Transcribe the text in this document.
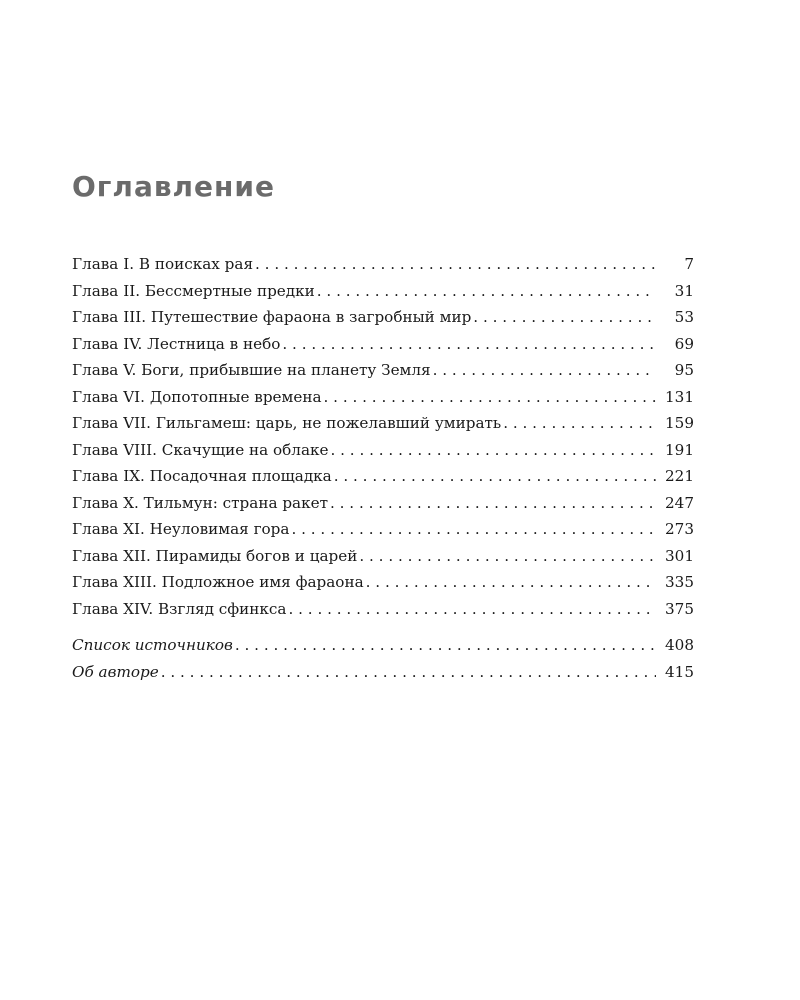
Оглавление
Глава I. В поисках рая . . .	7
Глава II. Бессмертные предки . . .	31
Глава III. Путешествие фараона в загробный мир . . .	53
Глава IV. Лестница в небо . . .	69
Глава V. Боги, прибывшие на планету Земля . . .	95
Глава VI. Допотопные времена . . .	131
Глава VII. Гильгамеш: царь, не пожелавший умирать . . .	159
Глава VIII. Скачущие на облаке . . .	191
Глава IX. Посадочная площадка . . .	221
Глава X. Тильмун: страна ракет . . .	247
Глава XI. Неуловимая гора . . .	273
Глава XII. Пирамиды богов и царей . . .	301
Глава XIII. Подложное имя фараона . . .	335
Глава XIV. Взгляд сфинкса . . .	375
Список источников . . .	408
Об авторе . . .	415
